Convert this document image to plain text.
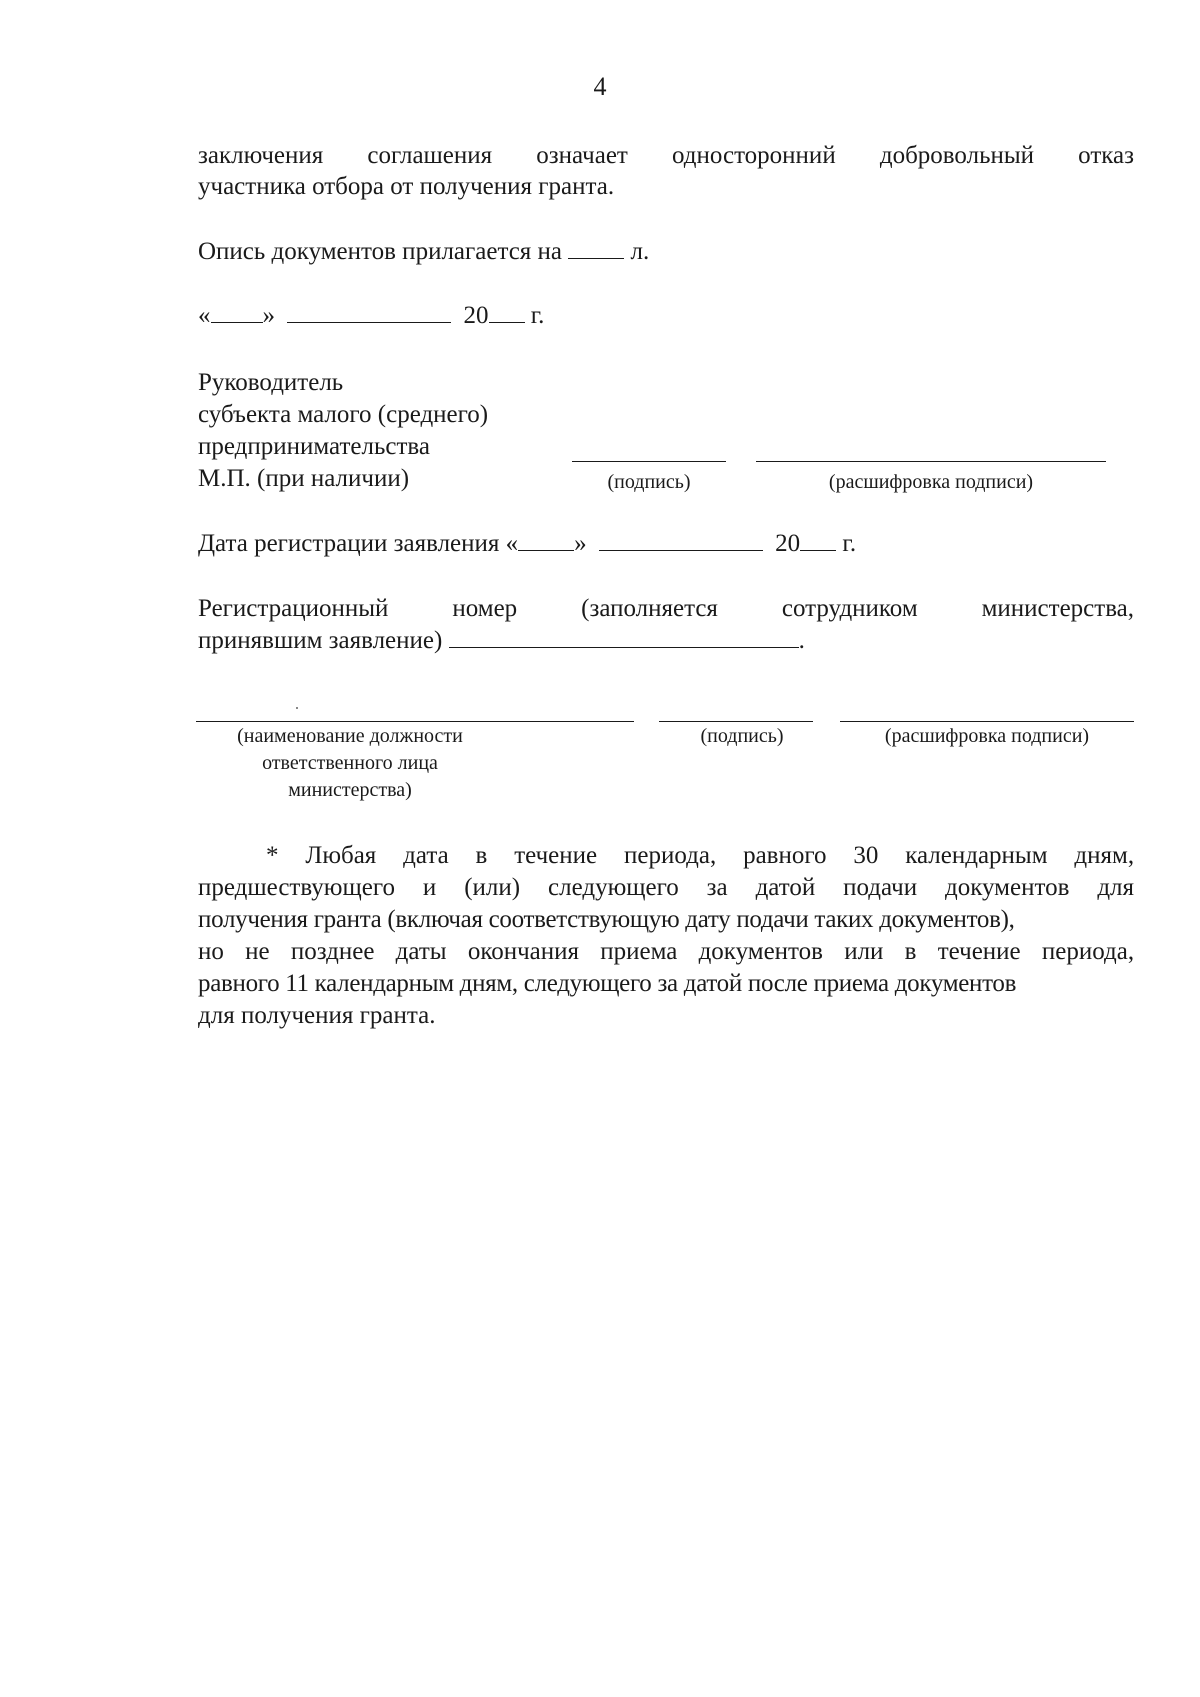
4
заключения соглашения означает односторонний добровольный отказ
участника отбора от получения гранта.
Опись документов прилагается на	л.
« »	20 г.
Руководитель
субъекта малого (среднего)
предпринимательства
М.П. (при наличии)	(подпись)	(расшифровка подписи)
Дата регистрации заявления « »	20 г.
Регистрационный	номер	(заполняется	сотрудником	министерства,
принявшим заявление)	.
(наименование должности
ответственного лица
министерства)
(подпись)	(расшифровка подписи)
* Любая дата в течение периода, равного 30 календарным дням,
предшествующего и (или) следующего за датой подачи документов для
получения гранта (включая соответствующую дату подачи таких документов),
но не позднее даты окончания приема документов или в течение периода,
равного 11 календарным дням, следующего за датой после приема документов
для получения гранта.
